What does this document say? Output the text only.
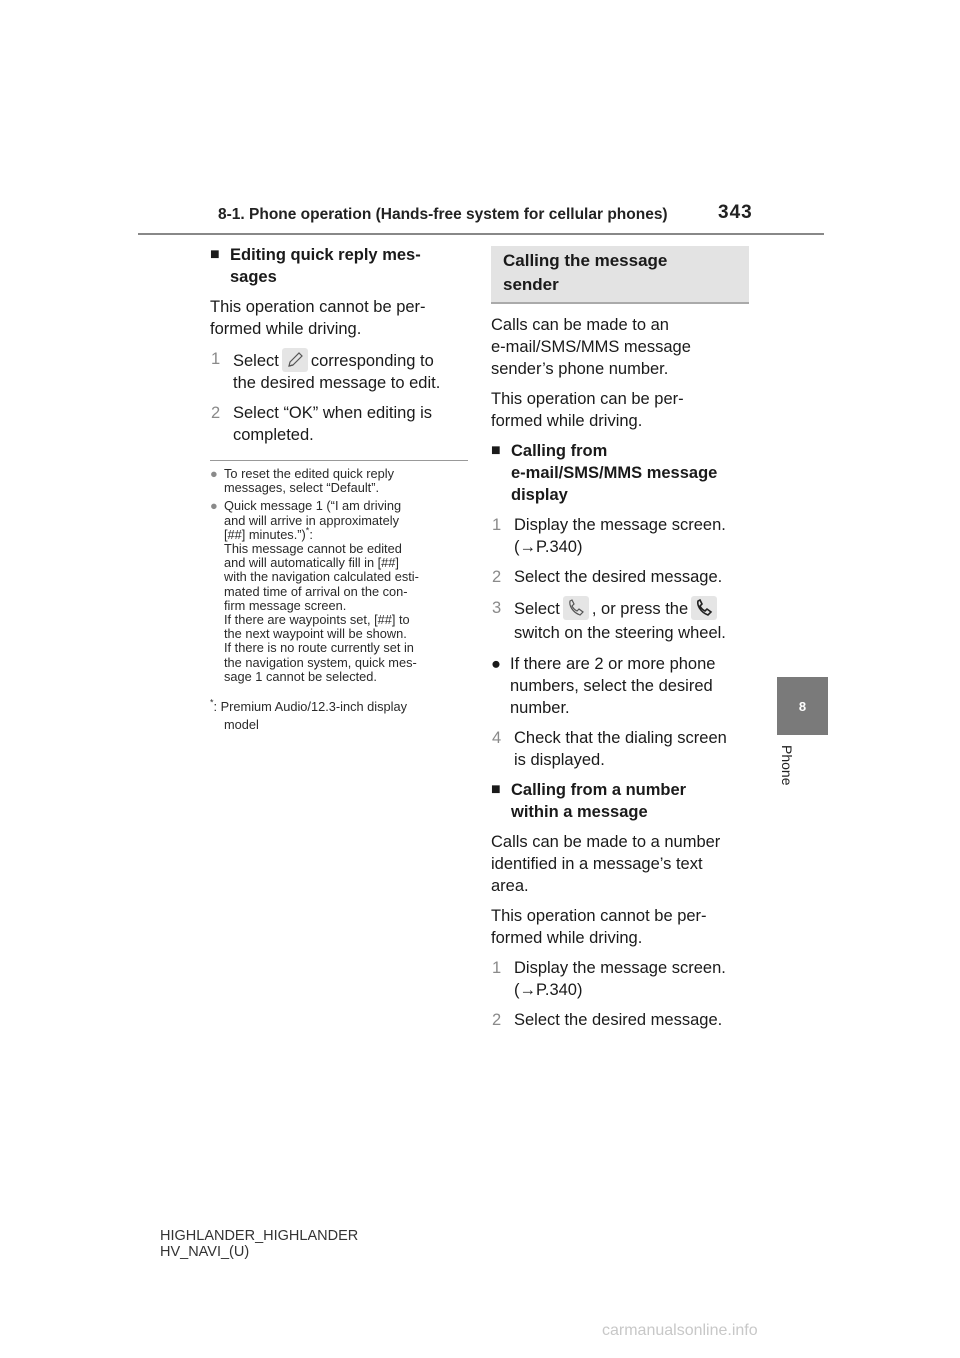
8-1. Phone operation (Hands-free system for cellular phones)	343
8
Phone
■ Editing quick reply mes-
sages
This operation cannot be per-
formed while driving.
1 Select corresponding to
the desired message to edit.
2 Select “OK” when editing is
completed.
● To reset the edited quick reply
messages, select “Default”.
● Quick message 1 (“I am driving
and will arrive in approximately
[##] minutes.”)*:
This message cannot be edited
and will automatically fill in [##]
with the navigation calculated esti-
mated time of arrival on the con-
firm message screen.
If there are waypoints set, [##] to
the next waypoint will be shown.
If there is no route currently set in
the navigation system, quick mes-
sage 1 cannot be selected.
*: Premium Audio/12.3-inch display
model
Calling the message
sender
Calls can be made to an
e-mail/SMS/MMS message
sender’s phone number.
This operation can be per-
formed while driving.
■ Calling from
e-mail/SMS/MMS message
display
1 Display the message screen.
(→P.340)
2 Select the desired message.
3 Select , or press the

switch on the steering wheel.
● If there are 2 or more phone
numbers, select the desired
number.
4 Check that the dialing screen
is displayed.
■ Calling from a number
within a message
Calls can be made to a number
identified in a message’s text
area.
This operation cannot be per-
formed while driving.
1 Display the message screen.
(→P.340)
2 Select the desired message.
HIGHLANDER_HIGHLANDER
HV_NAVI_(U)
carmanualsonline.info
